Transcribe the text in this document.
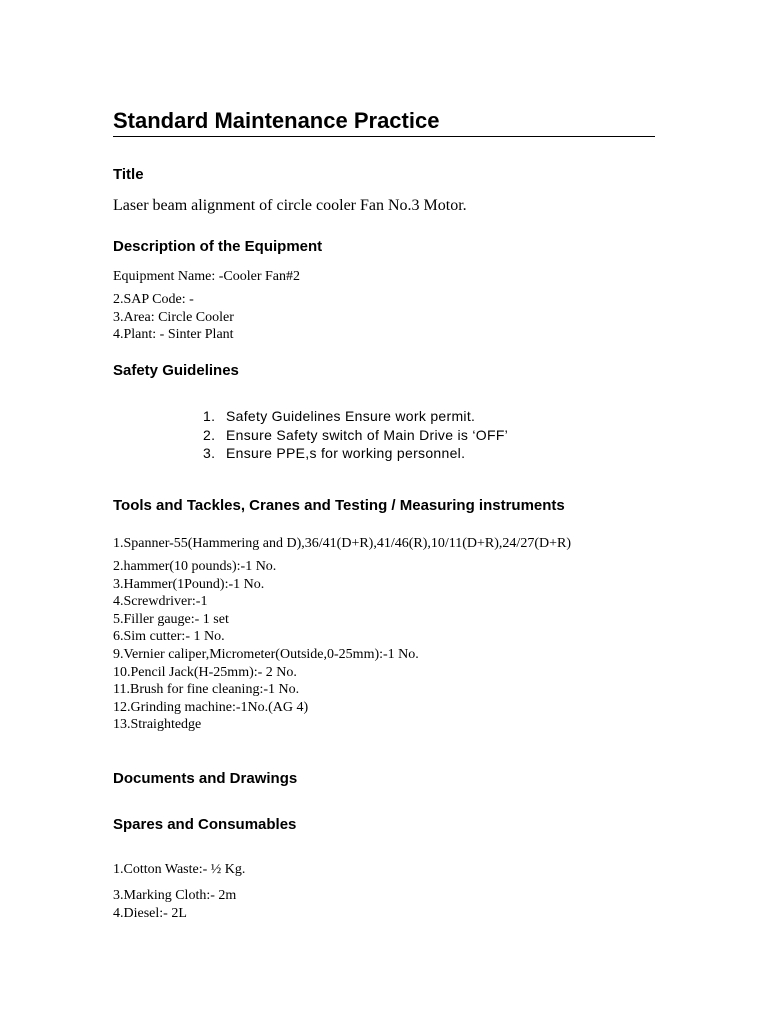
Standard Maintenance Practice
Title
Laser beam alignment of circle cooler Fan No.3 Motor.
Description of the Equipment
Equipment Name: -Cooler Fan#2
2.SAP Code: -
3.Area: Circle Cooler
4.Plant: - Sinter Plant
Safety Guidelines
1. Safety Guidelines Ensure work permit.
2. Ensure Safety switch of Main Drive is ‘OFF’
3. Ensure PPE,s for working personnel.
Tools and Tackles, Cranes and Testing / Measuring instruments
1.Spanner-55(Hammering and D),36/41(D+R),41/46(R),10/11(D+R),24/27(D+R)
2.hammer(10 pounds):-1 No.
3.Hammer(1Pound):-1 No.
4.Screwdriver:-1
5.Filler gauge:- 1 set
6.Sim cutter:- 1 No.
9.Vernier caliper,Micrometer(Outside,0-25mm):-1 No.
10.Pencil Jack(H-25mm):- 2 No.
11.Brush for fine cleaning:-1 No.
12.Grinding machine:-1No.(AG 4)
13.Straightedge
Documents and Drawings
Spares and Consumables
1.Cotton Waste:- ½ Kg.
3.Marking Cloth:- 2m
4.Diesel:- 2L
